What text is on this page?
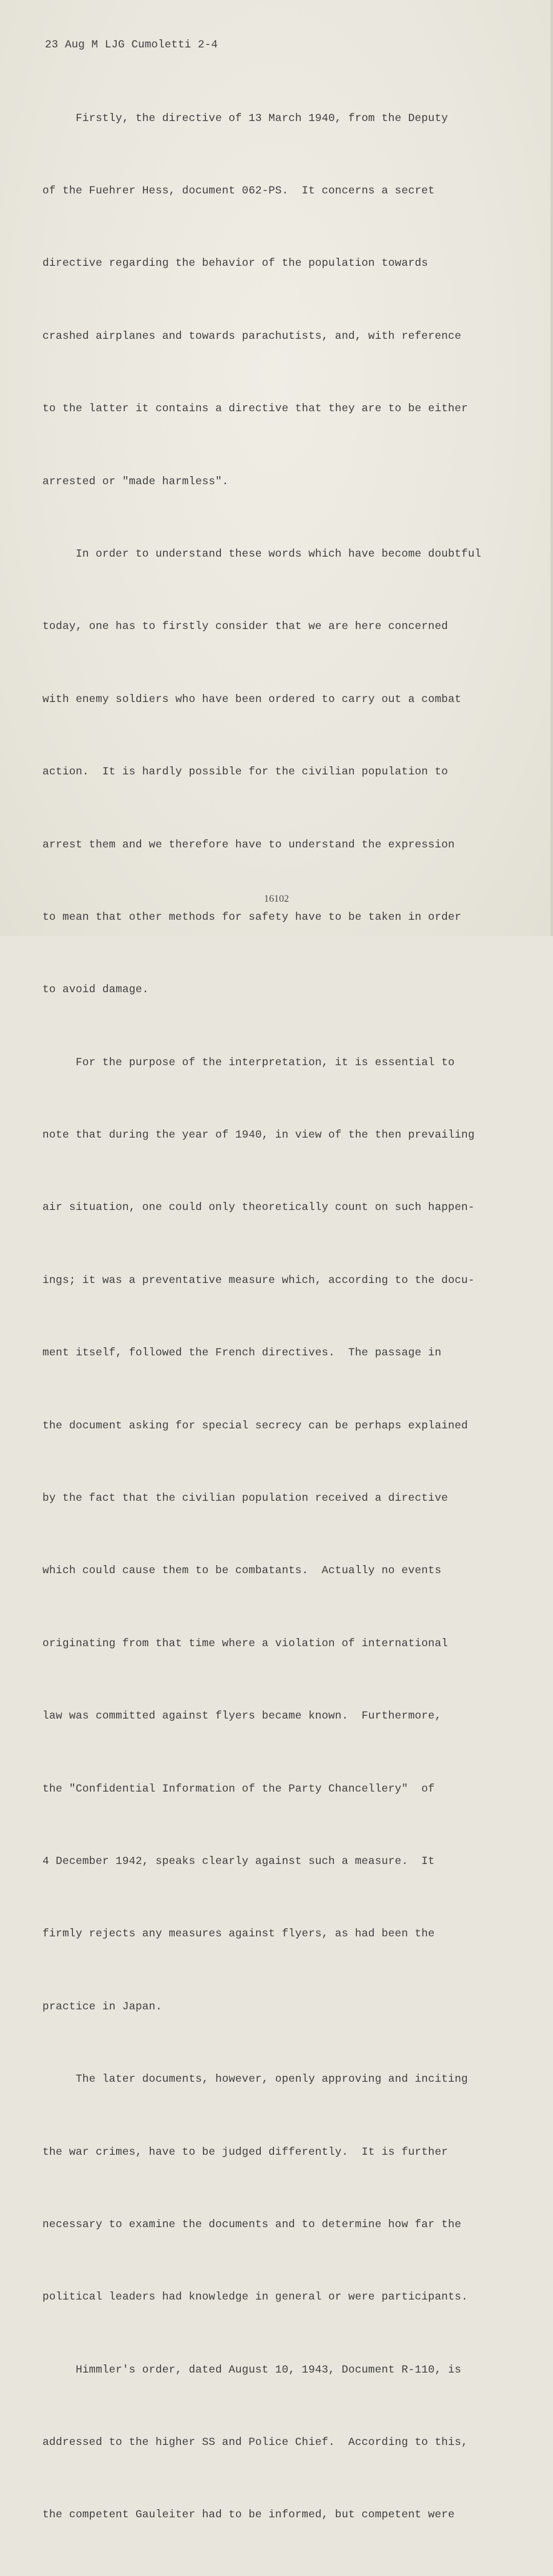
23 Aug M LJG Cumoletti 2-4

Firstly, the directive of 13 March 1940, from the Deputy

of the Fuehrer Hess, document 062-PS.  It concerns a secret

directive regarding the behavior of the population towards

crashed airplanes and towards parachutists, and, with reference

to the latter it contains a directive that they are to be either

arrested or "made harmless".

In order to understand these words which have become doubtful

today, one has to firstly consider that we are here concerned

with enemy soldiers who have been ordered to carry out a combat

action.  It is hardly possible for the civilian population to

arrest them and we therefore have to understand the expression

to mean that other methods for safety have to be taken in order

to avoid damage.

For the purpose of the interpretation, it is essential to

note that during the year of 1940, in view of the then prevailing

air situation, one could only theoretically count on such happen-

ings; it was a preventative measure which, according to the docu-

ment itself, followed the French directives.  The passage in

the document asking for special secrecy can be perhaps explained

by the fact that the civilian population received a directive

which could cause them to be combatants.  Actually no events

originating from that time where a violation of international

law was committed against flyers became known.  Furthermore,

the "Confidential Information of the Party Chancellery"  of

4 December 1942, speaks clearly against such a measure.  It

firmly rejects any measures against flyers, as had been the

practice in Japan.

The later documents, however, openly approving and inciting

the war crimes, have to be judged differently.  It is further

necessary to examine the documents and to determine how far the

political leaders had knowledge in general or were participants.

Himmler's order, dated August 10, 1943, Document R-110, is

addressed to the higher SS and Police Chief.  According to this,

the competent Gauleiter had to be informed, but competent were

16102
